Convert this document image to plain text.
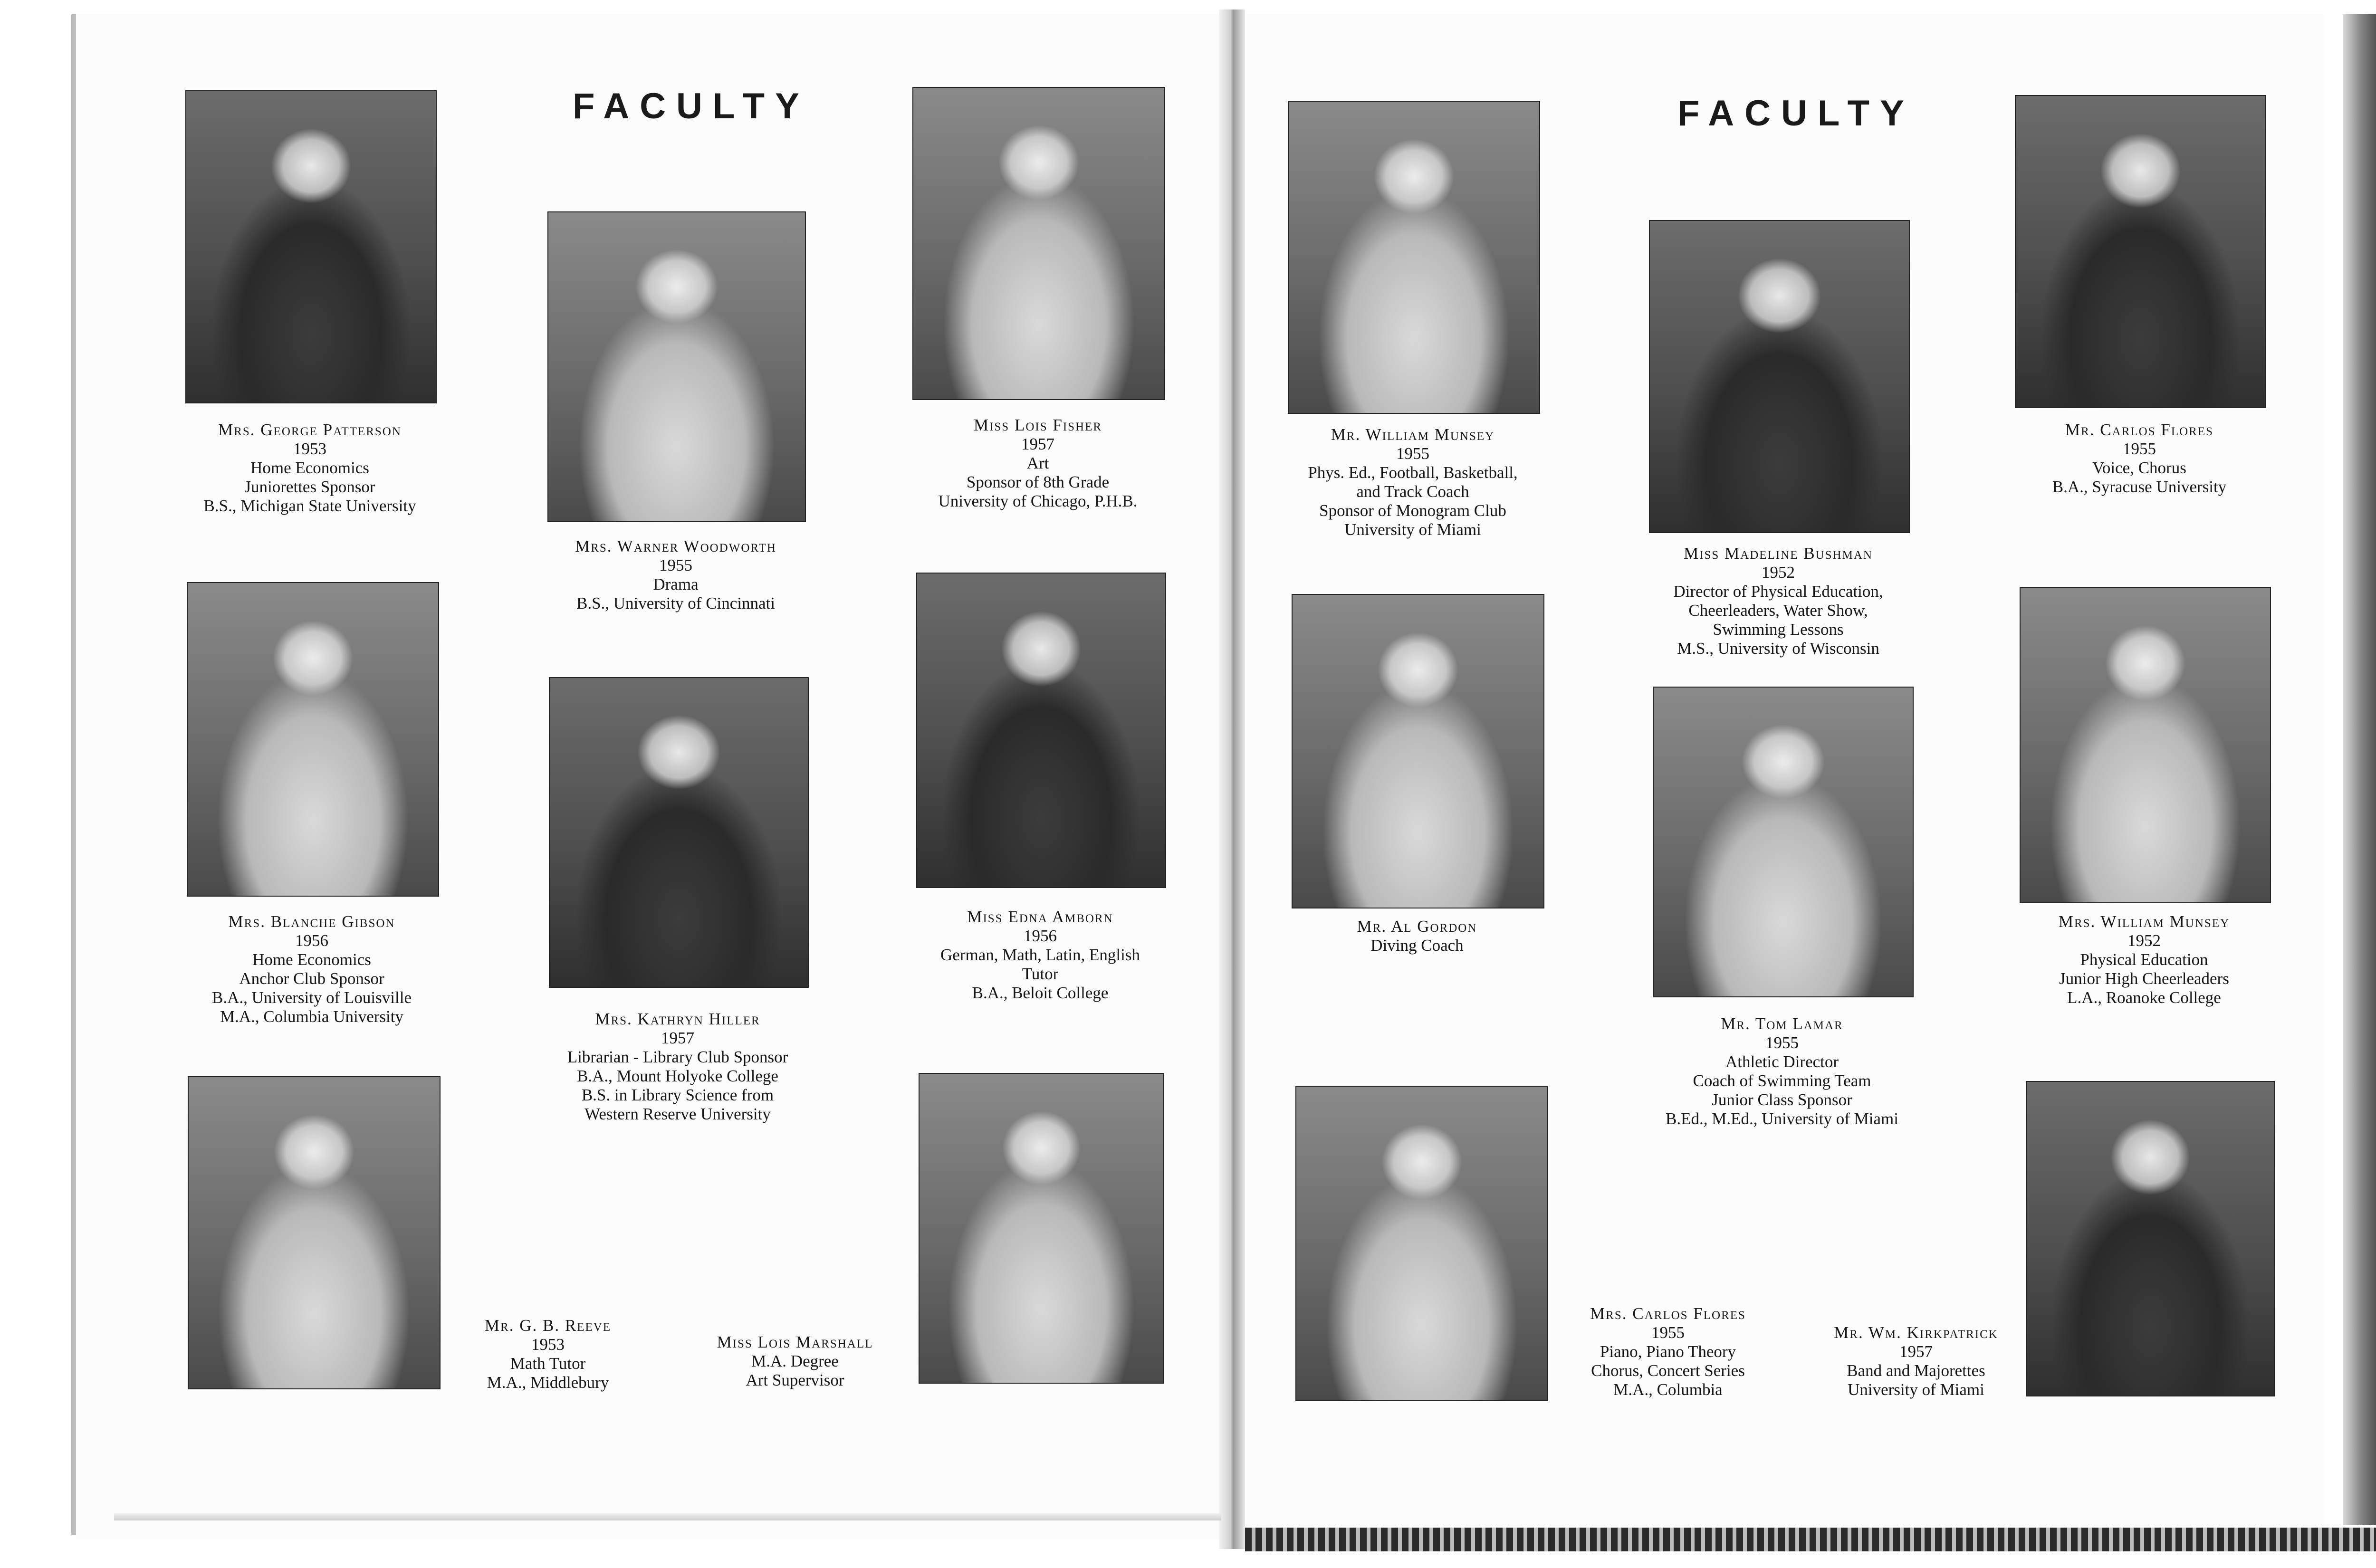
FACULTY	FACULTY
Mrs. George Patterson
1953
Home Economics
Juniorettes Sponsor
B.S., Michigan State University
Mrs. Warner Woodworth
1955
Drama
B.S., University of Cincinnati
Miss Lois Fisher
1957
Art
Sponsor of 8th Grade
University of Chicago, P.H.B.
Mrs. Blanche Gibson
1956
Home Economics
Anchor Club Sponsor
B.A., University of Louisville
M.A., Columbia University	Mrs. Kathryn Hiller
1957
Librarian - Library Club Sponsor
B.A., Mount Holyoke College
B.S. in Library Science from
Western Reserve University
Miss Edna Amborn
1956
German, Math, Latin, English
Tutor
B.A., Beloit College
Mr. G. B. Reeve
1953
Math Tutor
M.A., Middlebury
Miss Lois Marshall
M.A. Degree
Art Supervisor
Mr. William Munsey
1955
Phys. Ed., Football, Basketball,
and Track Coach
Sponsor of Monogram Club
University of Miami
Miss Madeline Bushman
1952
Director of Physical Education,
Cheerleaders, Water Show,
Swimming Lessons
M.S., University of Wisconsin
Mr. Carlos Flores
1955
Voice, Chorus
B.A., Syracuse University
Mr. Al Gordon
Diving Coach
Mr. Tom Lamar
1955
Athletic Director
Coach of Swimming Team
Junior Class Sponsor
B.Ed., M.Ed., University of Miami
Mrs. William Munsey
1952
Physical Education
Junior High Cheerleaders
L.A., Roanoke College
Mrs. Carlos Flores
1955
Piano, Piano Theory
Chorus, Concert Series
M.A., Columbia
Mr. Wm. Kirkpatrick
1957
Band and Majorettes
University of Miami
